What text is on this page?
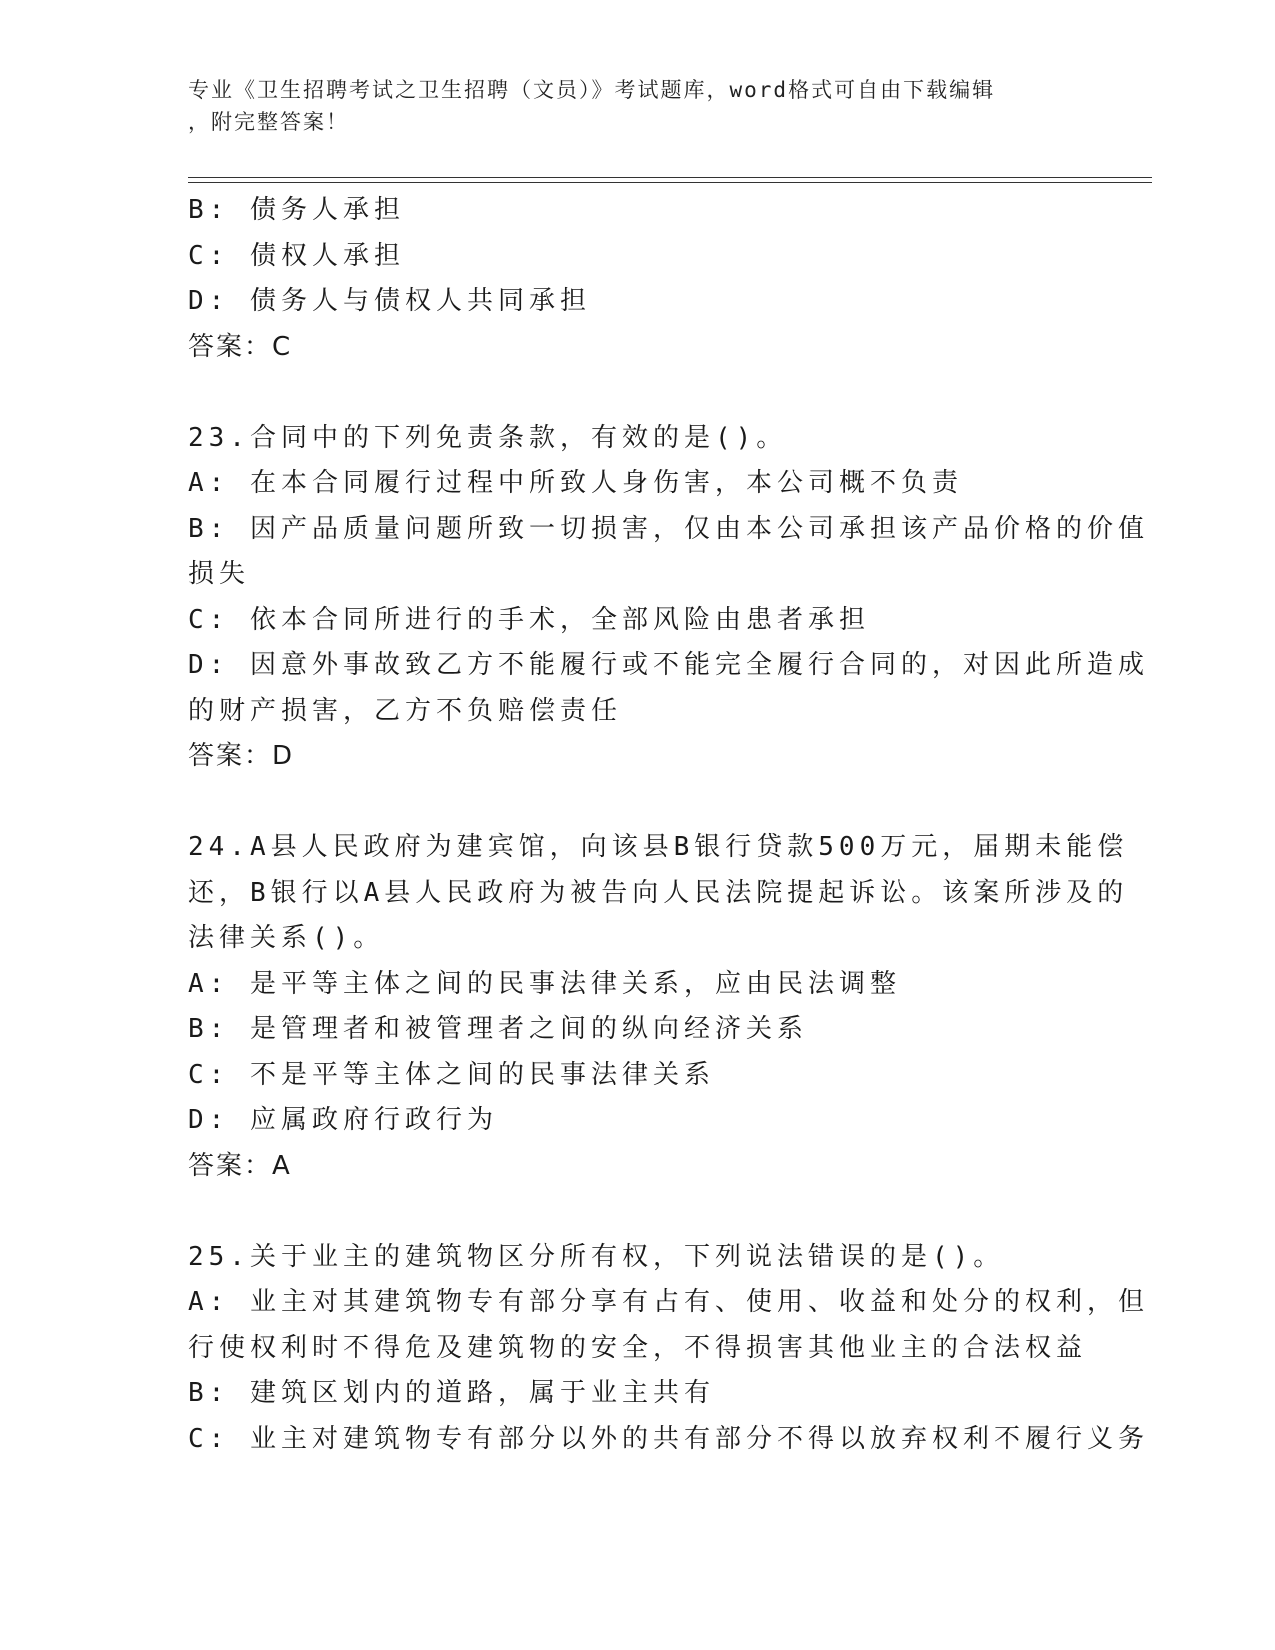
专业《卫生招聘考试之卫生招聘（文员）》考试题库，word格式可自由下载编辑
，附完整答案！
B: 债务人承担
C: 债权人承担
D: 债务人与债权人共同承担
答案：C
23.合同中的下列免责条款，有效的是()。
A: 在本合同履行过程中所致人身伤害，本公司概不负责
B: 因产品质量问题所致一切损害，仅由本公司承担该产品价格的价值
损失
C: 依本合同所进行的手术，全部风险由患者承担
D: 因意外事故致乙方不能履行或不能完全履行合同的，对因此所造成
的财产损害，乙方不负赔偿责任
答案：D
24.A县人民政府为建宾馆，向该县B银行贷款500万元，届期未能偿
还，B银行以A县人民政府为被告向人民法院提起诉讼。该案所涉及的
法律关系()。
A: 是平等主体之间的民事法律关系，应由民法调整
B: 是管理者和被管理者之间的纵向经济关系
C: 不是平等主体之间的民事法律关系
D: 应属政府行政行为
答案：A
25.关于业主的建筑物区分所有权，下列说法错误的是()。
A: 业主对其建筑物专有部分享有占有、使用、收益和处分的权利，但
行使权利时不得危及建筑物的安全，不得损害其他业主的合法权益
B: 建筑区划内的道路，属于业主共有
C: 业主对建筑物专有部分以外的共有部分不得以放弃权利不履行义务
